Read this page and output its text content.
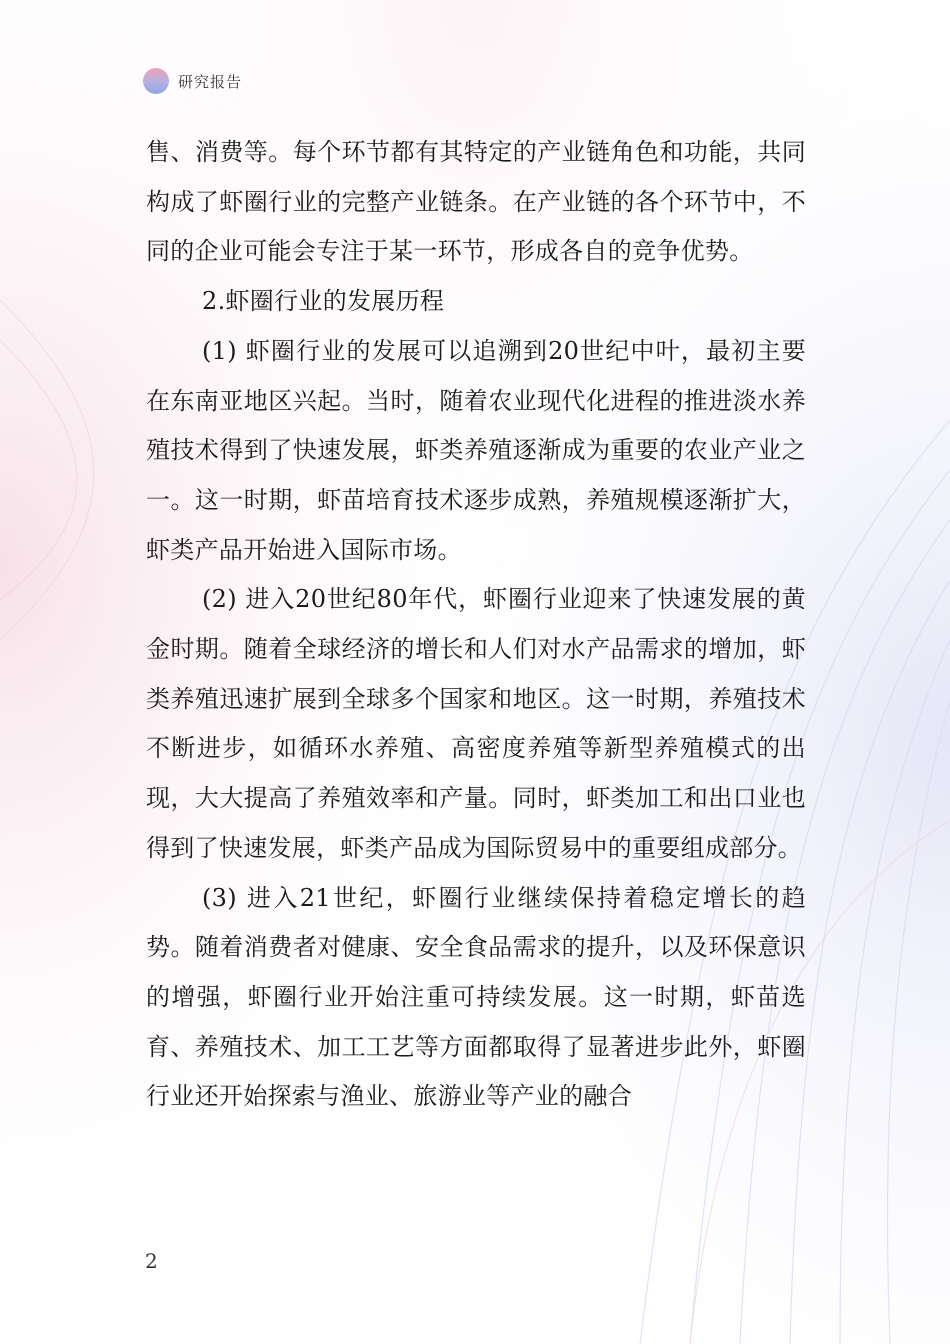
研究报告

售、消费等。每个环节都有其特定的产业链角色和功能，共同构成了虾圈行业的完整产业链条。在产业链的各个环节中，不同的企业可能会专注于某一环节，形成各自的竞争优势。

2.虾圈行业的发展历程

(1) 虾圈行业的发展可以追溯到20世纪中叶，最初主要在东南亚地区兴起。当时，随着农业现代化进程的推进淡水养殖技术得到了快速发展，虾类养殖逐渐成为重要的农业产业之一。这一时期，虾苗培育技术逐步成熟，养殖规模逐渐扩大，虾类产品开始进入国际市场。

(2) 进入20世纪80年代，虾圈行业迎来了快速发展的黄金时期。随着全球经济的增长和人们对水产品需求的增加，虾类养殖迅速扩展到全球多个国家和地区。这一时期，养殖技术不断进步，如循环水养殖、高密度养殖等新型养殖模式的出现，大大提高了养殖效率和产量。同时，虾类加工和出口业也得到了快速发展，虾类产品成为国际贸易中的重要组成部分。

(3) 进入21世纪，虾圈行业继续保持着稳定增长的趋势。随着消费者对健康、安全食品需求的提升，以及环保意识的增强，虾圈行业开始注重可持续发展。这一时期，虾苗选育、养殖技术、加工工艺等方面都取得了显著进步此外，虾圈行业还开始探索与渔业、旅游业等产业的融合

2
